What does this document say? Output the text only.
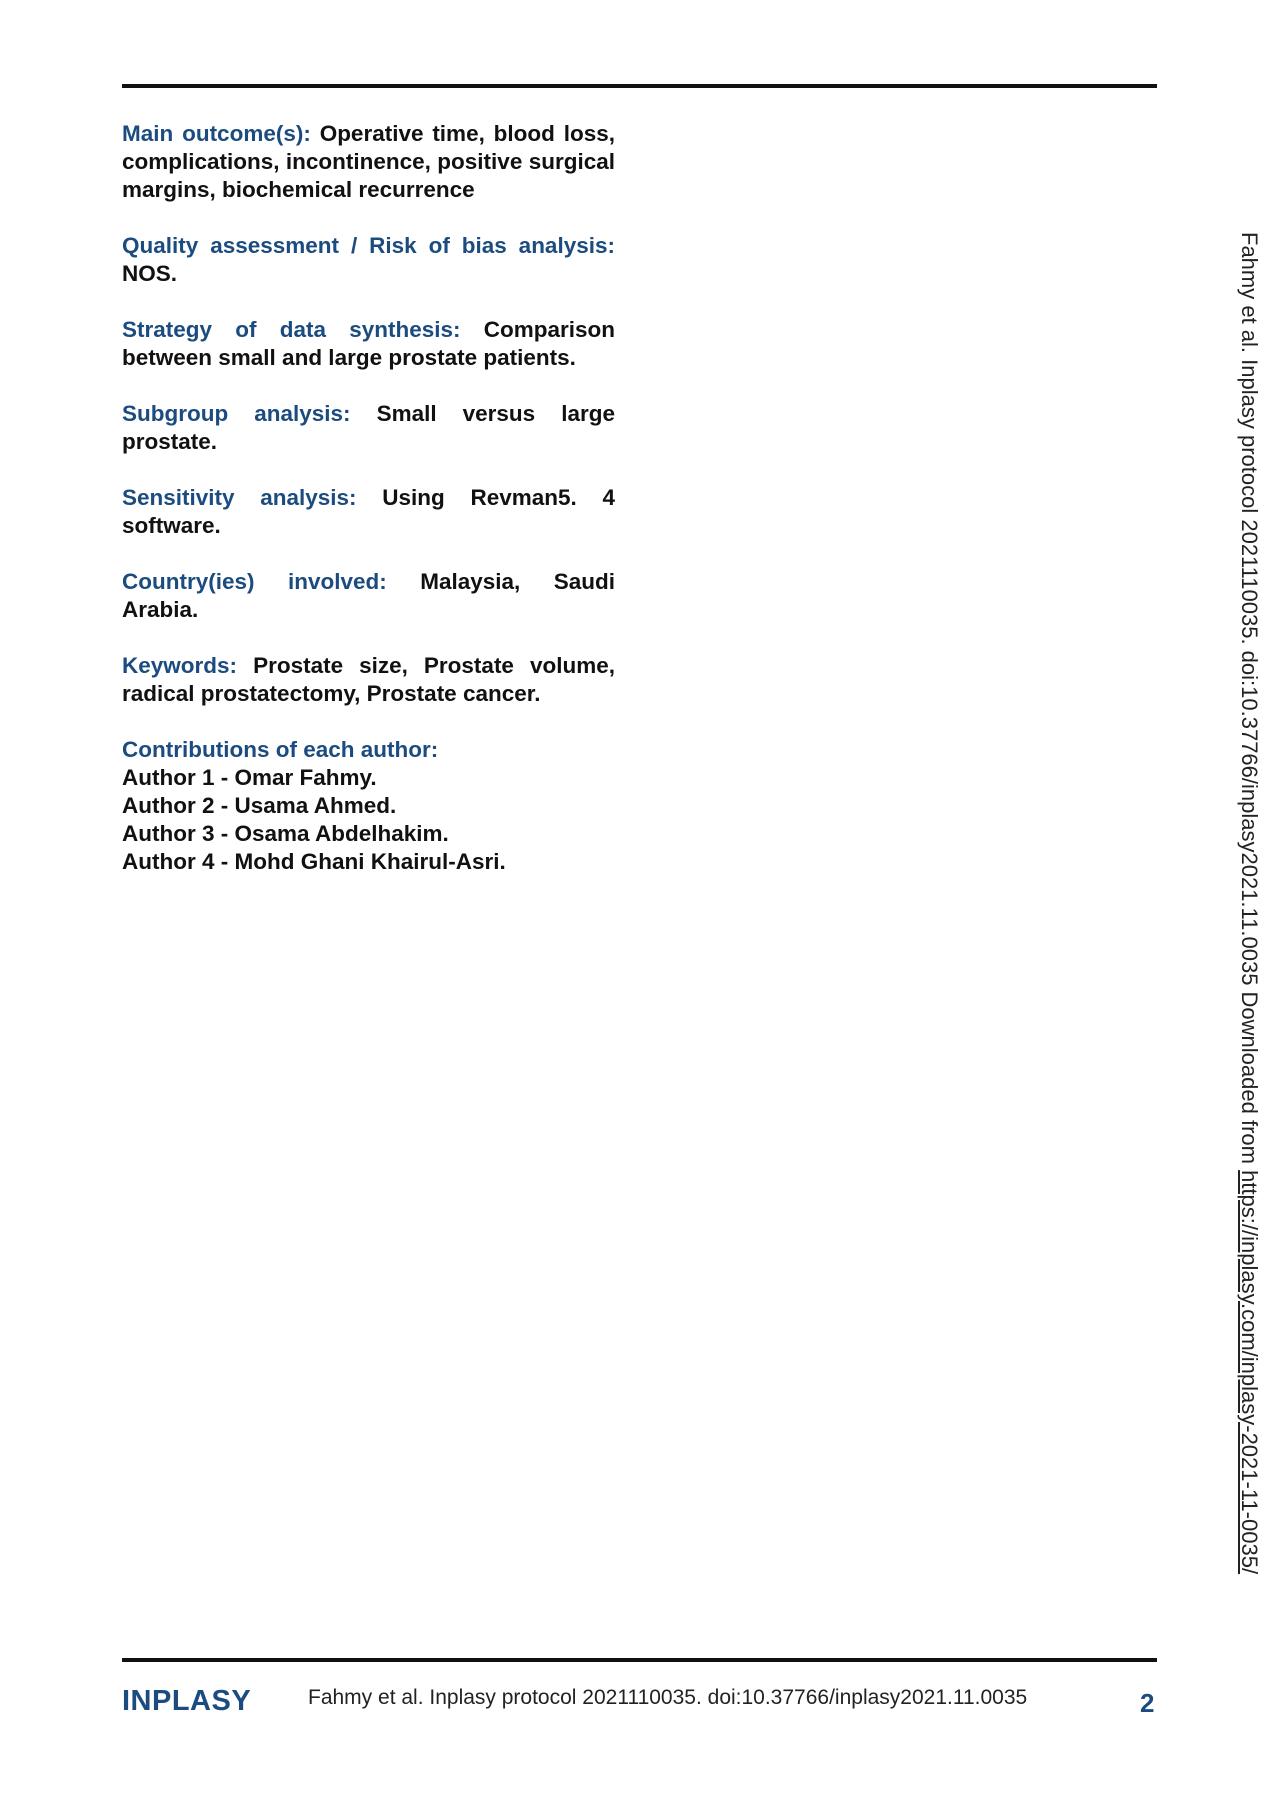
Main outcome(s): Operative time, blood loss, complications, incontinence, positive surgical margins, biochemical recurrence

Quality assessment / Risk of bias analysis: NOS.

Strategy of data synthesis: Comparison between small and large prostate patients.

Subgroup analysis: Small versus large prostate.

Sensitivity analysis: Using Revman5. 4 software.

Country(ies) involved: Malaysia, Saudi Arabia.

Keywords: Prostate size, Prostate volume, radical prostatectomy, Prostate cancer.

Contributions of each author:
Author 1 - Omar Fahmy.
Author 2 - Usama Ahmed.
Author 3 - Osama Abdelhakim.
Author 4 - Mohd Ghani Khairul-Asri.	Fahmy et al. Inplasy protocol 2021110035. doi:10.37766/inplasy2021.11.0035 Downloaded from https://inplasy.com/inplasy-2021-11-0035/
INPLASY	Fahmy et al. Inplasy protocol 2021110035. doi:10.37766/inplasy2021.11.0035	2
